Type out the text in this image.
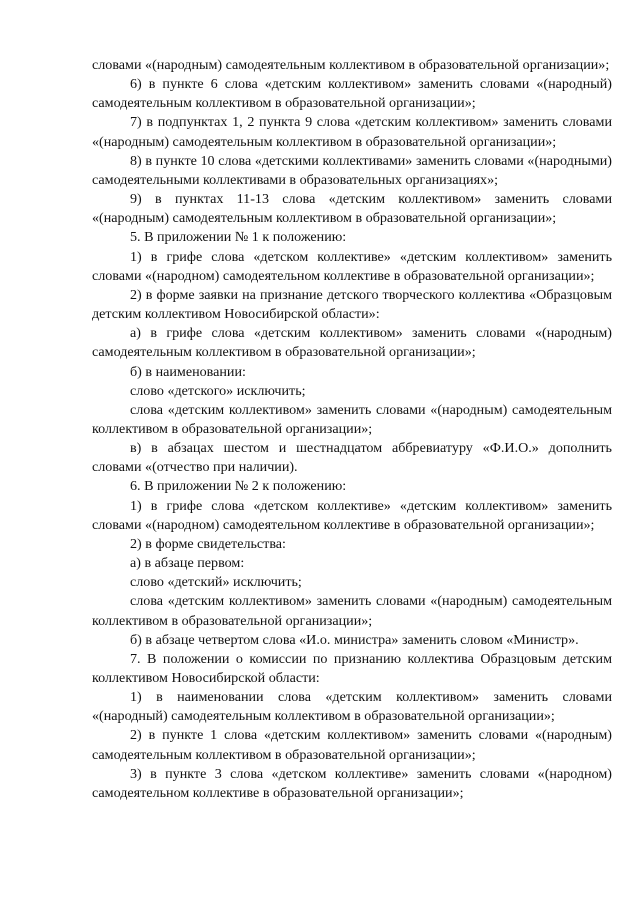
словами «(народным) самодеятельным коллективом в образовательной организации»;

6) в пункте 6 слова «детским коллективом» заменить словами «(народный) самодеятельным коллективом в образовательной организации»;

7) в подпунктах 1, 2 пункта 9 слова «детским коллективом» заменить словами «(народным) самодеятельным коллективом в образовательной организации»;

8) в пункте 10 слова «детскими коллективами» заменить словами «(народными) самодеятельными коллективами в образовательных организациях»;

9) в пунктах 11-13 слова «детским коллективом» заменить словами «(народным) самодеятельным коллективом в образовательной организации»;

5. В приложении № 1 к положению:

1) в грифе слова «детском коллективе» «детским коллективом» заменить словами «(народном) самодеятельном коллективе в образовательной организации»;

2) в форме заявки на признание детского творческого коллектива «Образцовым детским коллективом Новосибирской области»:

а) в грифе слова «детским коллективом» заменить словами «(народным) самодеятельным коллективом в образовательной организации»;

б) в наименовании:

слово «детского» исключить;

слова «детским коллективом» заменить словами «(народным) самодеятельным коллективом в образовательной организации»;

в) в абзацах шестом и шестнадцатом аббревиатуру «Ф.И.О.» дополнить словами «(отчество при наличии).

6. В приложении № 2 к положению:

1) в грифе слова «детском коллективе» «детским коллективом» заменить словами «(народном) самодеятельном коллективе в образовательной организации»;

2) в форме свидетельства:

а) в абзаце первом:

слово «детский» исключить;

слова «детским коллективом» заменить словами «(народным) самодеятельным коллективом в образовательной организации»;

б) в абзаце четвертом слова «И.о. министра» заменить словом «Министр».

7. В положении о комиссии по признанию коллектива Образцовым детским коллективом Новосибирской области:

1) в наименовании слова «детским коллективом» заменить словами «(народный) самодеятельным коллективом в образовательной организации»;

2) в пункте 1 слова «детским коллективом» заменить словами «(народным) самодеятельным коллективом в образовательной организации»;

3) в пункте 3 слова «детском коллективе» заменить словами «(народном) самодеятельном коллективе в образовательной организации»;
